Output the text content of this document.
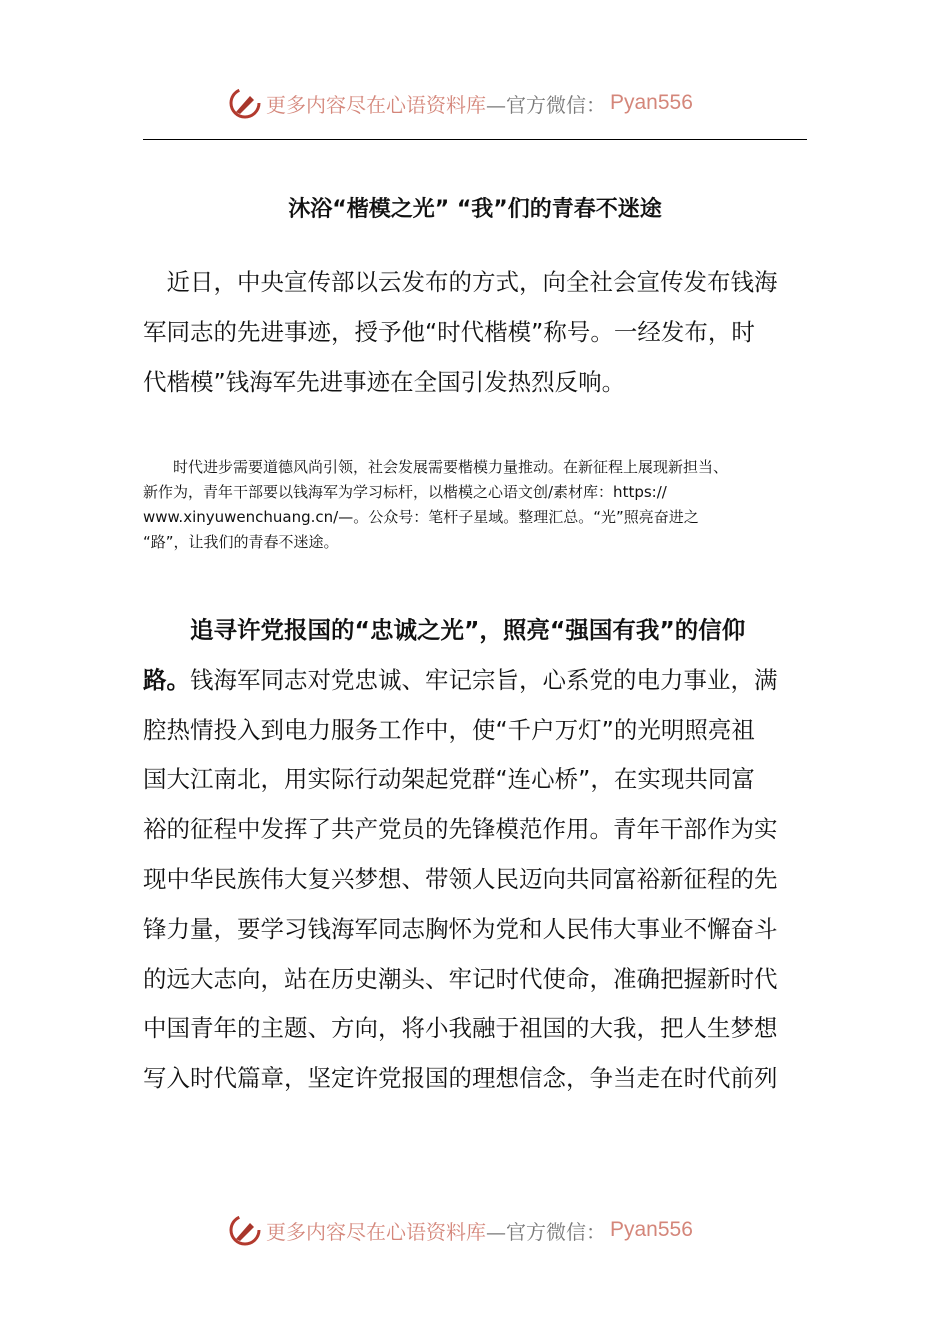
更多内容尽在心语资料库 —官方微信： Pyan556
沐浴“楷模之光” “我”们的青春不迷途
　近日，中央宣传部以云发布的方式，向全社会宣传发布钱海
军同志的先进事迹，授予他“时代楷模”称号。一经发布，时
代楷模”钱海军先进事迹在全国引发热烈反响。
　　时代进步需要道德风尚引领，社会发展需要楷模力量推动。在新征程上展现新担当、
新作为，青年干部要以钱海军为学习标杆，以楷模之心语文创/素材库：https://
www.xinyuwenchuang.cn/—。公众号：笔杆子星域。整理汇总。“光”照亮奋进之
“路”，让我们的青春不迷途。
　　追寻许党报国的“忠诚之光”，照亮“强国有我”的信仰
路。钱海军同志对党忠诚、牢记宗旨，心系党的电力事业，满
腔热情投入到电力服务工作中，使“千户万灯”的光明照亮祖
国大江南北，用实际行动架起党群“连心桥”，在实现共同富
裕的征程中发挥了共产党员的先锋模范作用。青年干部作为实
现中华民族伟大复兴梦想、带领人民迈向共同富裕新征程的先
锋力量，要学习钱海军同志胸怀为党和人民伟大事业不懈奋斗
的远大志向，站在历史潮头、牢记时代使命，准确把握新时代
中国青年的主题、方向，将小我融于祖国的大我，把人生梦想
写入时代篇章，坚定许党报国的理想信念，争当走在时代前列
更多内容尽在心语资料库 —官方微信： Pyan556
